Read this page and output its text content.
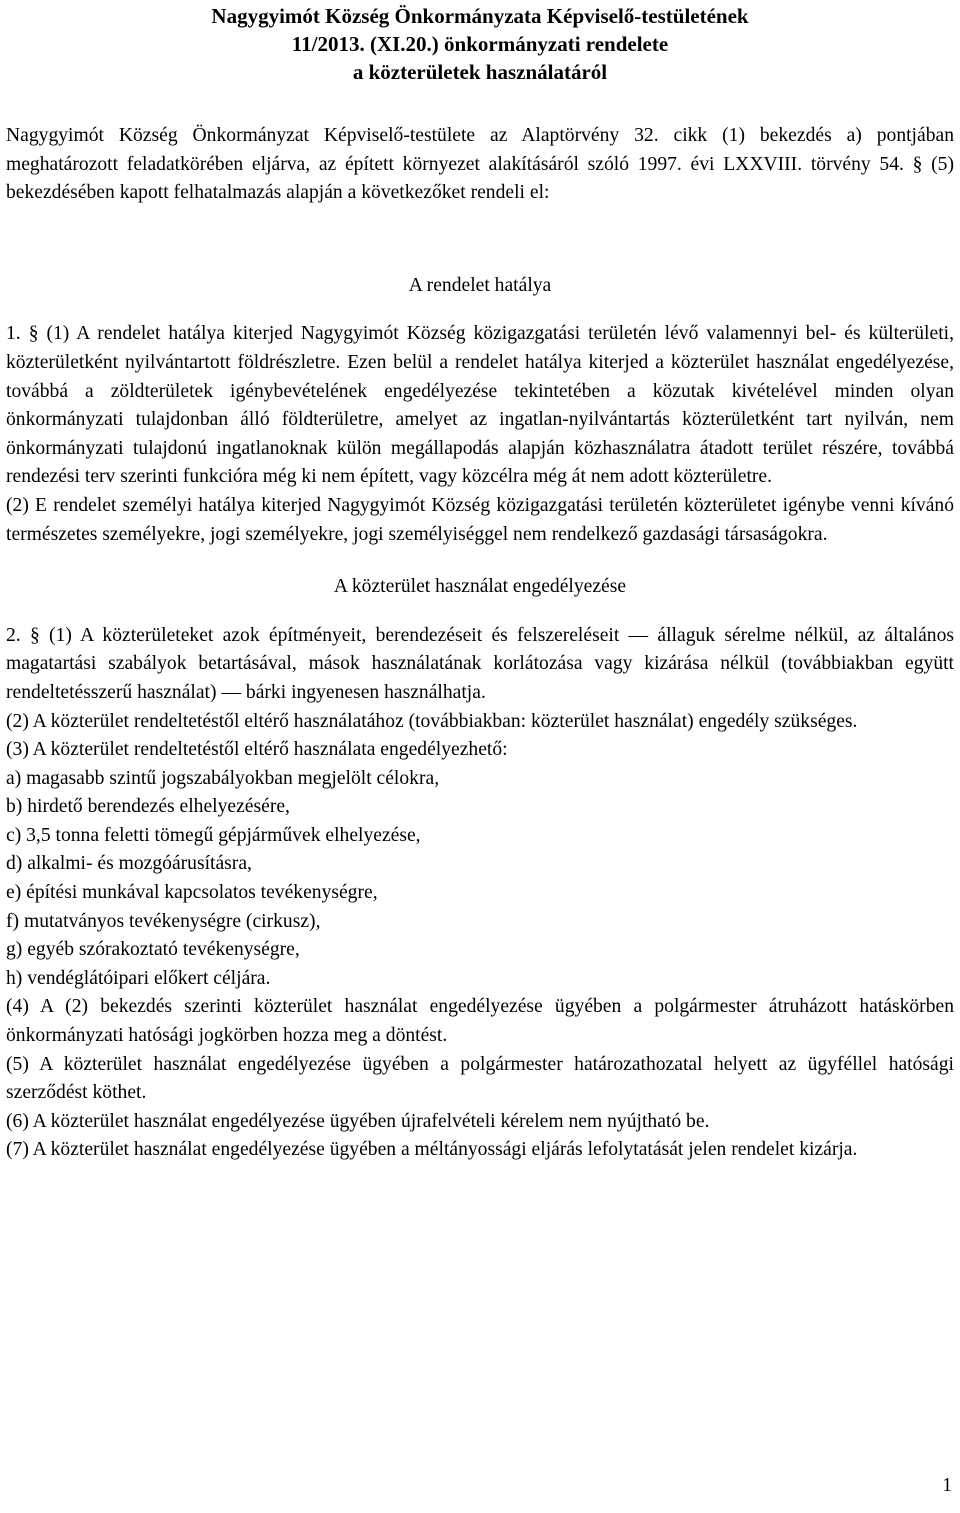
Nagygyimót Község Önkormányzata Képviselő-testületének
11/2013. (XI.20.) önkormányzati rendelete
a közterületek használatáról

Nagygyimót Község Önkormányzat Képviselő-testülete az Alaptörvény 32. cikk (1) bekezdés a) pontjában meghatározott feladatkörében eljárva, az épített környezet alakításáról szóló 1997. évi LXXVIII. törvény 54. § (5) bekezdésében kapott felhatalmazás alapján a következőket rendeli el:

A rendelet hatálya

1. § (1) A rendelet hatálya kiterjed Nagygyimót Község közigazgatási területén lévő valamennyi bel- és külterületi, közterületként nyilvántartott földrészletre. Ezen belül a rendelet hatálya kiterjed a közterület használat engedélyezése, továbbá a zöldterületek igénybevételének engedélyezése tekintetében a közutak kivételével minden olyan önkormányzati tulajdonban álló földterületre, amelyet az ingatlan-nyilvántartás közterületként tart nyilván, nem önkormányzati tulajdonú ingatlanoknak külön megállapodás alapján közhasználatra átadott terület részére, továbbá rendezési terv szerinti funkcióra még ki nem épített, vagy közcélra még át nem adott közterületre.

(2) E rendelet személyi hatálya kiterjed Nagygyimót Község közigazgatási területén közterületet igénybe venni kívánó természetes személyekre, jogi személyekre, jogi személyiséggel nem rendelkező gazdasági társaságokra.

A közterület használat engedélyezése

2. § (1) A közterületeket azok építményeit, berendezéseit és felszereléseit — állaguk sérelme nélkül, az általános magatartási szabályok betartásával, mások használatának korlátozása vagy kizárása nélkül (továbbiakban együtt rendeltetésszerű használat) — bárki ingyenesen használhatja.

(2) A közterület rendeltetéstől eltérő használatához (továbbiakban: közterület használat) engedély szükséges.

(3) A közterület rendeltetéstől eltérő használata engedélyezhető:

a) magasabb szintű jogszabályokban megjelölt célokra,

b) hirdető berendezés elhelyezésére,

c) 3,5 tonna feletti tömegű gépjárművek elhelyezése,

d) alkalmi- és mozgóárusításra,

e) építési munkával kapcsolatos tevékenységre,

f) mutatványos tevékenységre (cirkusz),

g) egyéb szórakoztató tevékenységre,

h) vendéglátóipari előkert céljára.

(4) A (2) bekezdés szerinti közterület használat engedélyezése ügyében a polgármester átruházott hatáskörben önkormányzati hatósági jogkörben hozza meg a döntést.

(5) A közterület használat engedélyezése ügyében a polgármester határozathozatal helyett az ügyféllel hatósági szerződést köthet.

(6) A közterület használat engedélyezése ügyében újrafelvételi kérelem nem nyújtható be.

(7) A közterület használat engedélyezése ügyében a méltányossági eljárás lefolytatását jelen rendelet kizárja.

1
